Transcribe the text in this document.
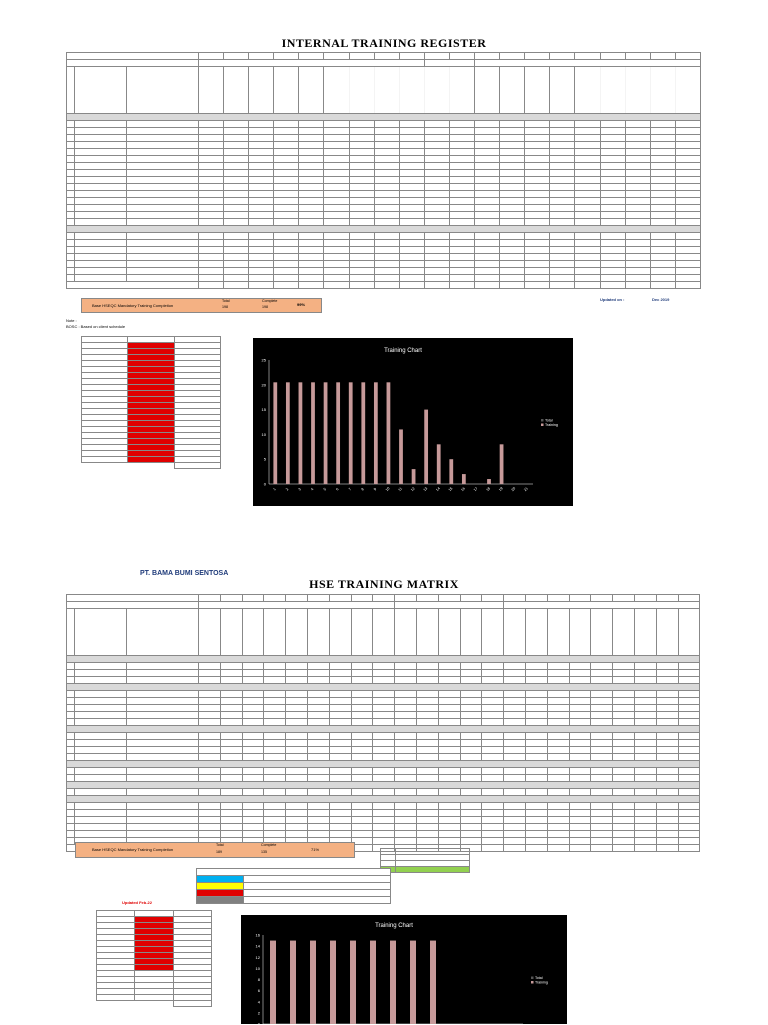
INTERNAL TRAINING REGISTER

Base HSEQC Mandatory Training Completion
Total	Complete
198	198	99%
Updated on :	Dec 2019
Note :
BOSC : Based on client schedule

Training Chart
0
5
10
15
20
25
1 2 3 4 5 6 7 8 9 10 11 12 13 14 15 16 17 18 19 20 21
Total
Training
PT. BAMA BUMI SENTOSA
HSE TRAINING MATRIX

Base HSEQC Mandatory Training Completion
Total	Complete
189	135	71%

Updated Feb-22

Training Chart
0
2
4
6
8
10
12
14
16
Total
Training
